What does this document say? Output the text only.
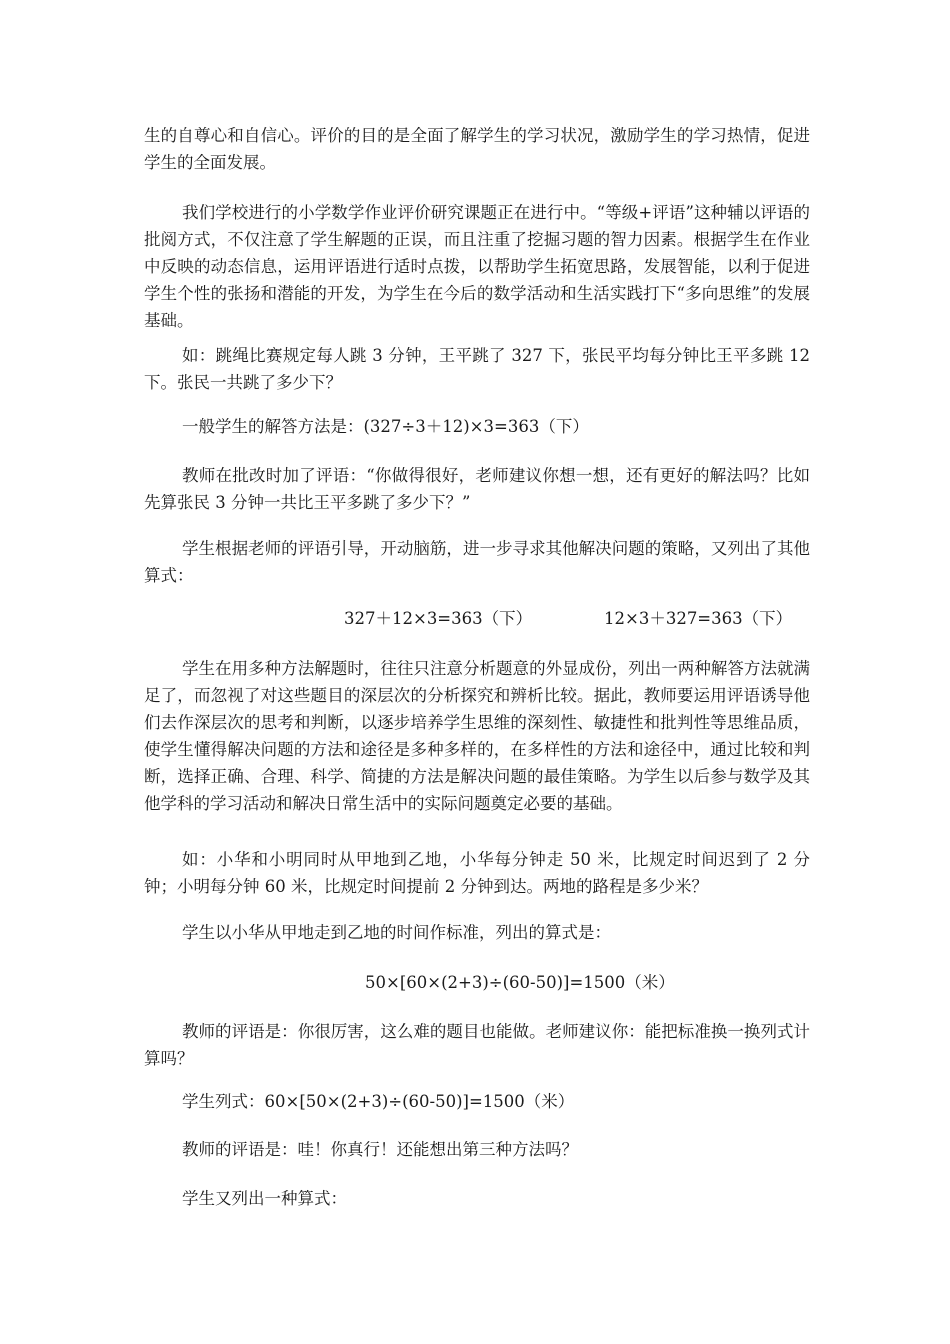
生的自尊心和自信心。评价的目的是全面了解学生的学习状况，激励学生的学习热情，促进学生的全面发展。

我们学校进行的小学数学作业评价研究课题正在进行中。“等级+评语”这种辅以评语的批阅方式，不仅注意了学生解题的正误，而且注重了挖掘习题的智力因素。根据学生在作业中反映的动态信息，运用评语进行适时点拨，以帮助学生拓宽思路，发展智能，以利于促进学生个性的张扬和潜能的开发，为学生在今后的数学活动和生活实践打下“多向思维”的发展基础。

如：跳绳比赛规定每人跳 3 分钟，王平跳了 327 下，张民平均每分钟比王平多跳 12 下。张民一共跳了多少下？

一般学生的解答方法是：(327÷3＋12)×3=363（下）

教师在批改时加了评语：“你做得很好，老师建议你想一想，还有更好的解法吗？比如先算张民 3 分钟一共比王平多跳了多少下？”

学生根据老师的评语引导，开动脑筋，进一步寻求其他解决问题的策略，又列出了其他算式：

327＋12×3=363（下）	12×3＋327=363（下）

学生在用多种方法解题时，往往只注意分析题意的外显成份，列出一两种解答方法就满足了，而忽视了对这些题目的深层次的分析探究和辨析比较。据此，教师要运用评语诱导他们去作深层次的思考和判断，以逐步培养学生思维的深刻性、敏捷性和批判性等思维品质，使学生懂得解决问题的方法和途径是多种多样的，在多样性的方法和途径中，通过比较和判断，选择正确、合理、科学、简捷的方法是解决问题的最佳策略。为学生以后参与数学及其他学科的学习活动和解决日常生活中的实际问题奠定必要的基础。

如：小华和小明同时从甲地到乙地，小华每分钟走 50 米，比规定时间迟到了 2 分钟；小明每分钟 60 米，比规定时间提前 2 分钟到达。两地的路程是多少米？

学生以小华从甲地走到乙地的时间作标准，列出的算式是：

50×[60×(2+3)÷(60-50)]=1500（米）

教师的评语是：你很厉害，这么难的题目也能做。老师建议你：能把标准换一换列式计算吗？

学生列式：60×[50×(2+3)÷(60-50)]=1500（米）

教师的评语是：哇！你真行！还能想出第三种方法吗？

学生又列出一种算式：
